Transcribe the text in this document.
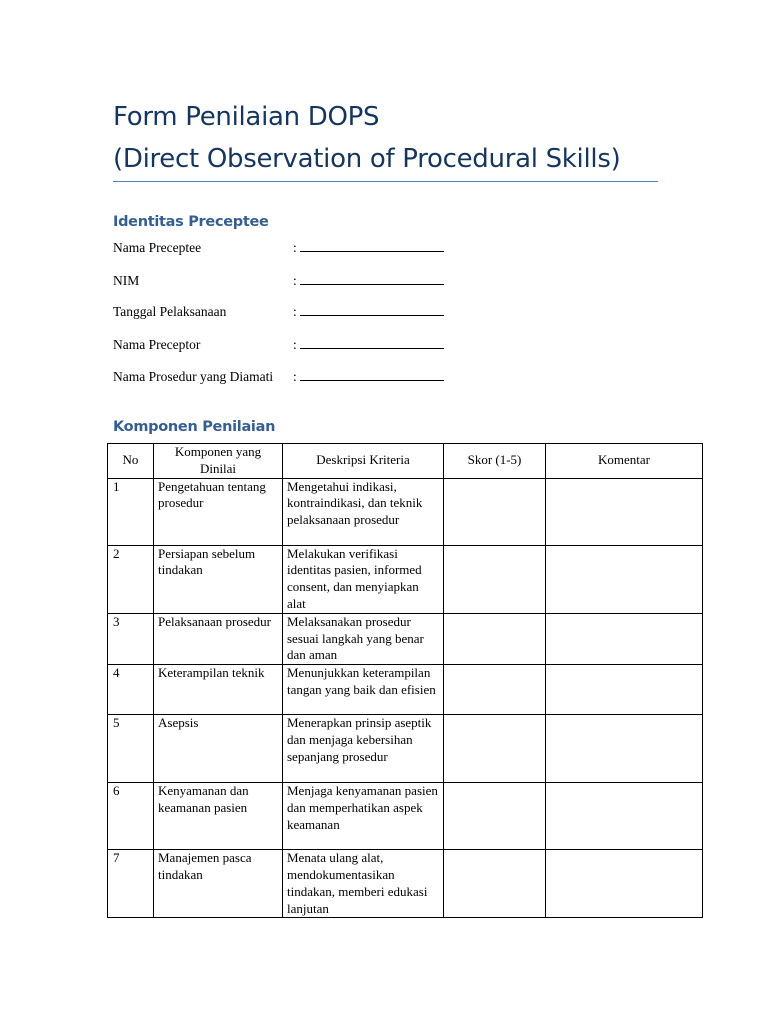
Form Penilaian DOPS
(Direct Observation of Procedural Skills)
Identitas Preceptee
Nama Preceptee	:
NIM	:
Tanggal Pelaksanaan	:
Nama Preceptor	:
Nama Prosedur yang Diamati	:
Komponen Penilaian
No	Komponen yang Dinilai	Deskripsi Kriteria	Skor (1-5)	Komentar
1	Pengetahuan tentang prosedur	Mengetahui indikasi, kontraindikasi, dan teknik pelaksanaan prosedur		
2	Persiapan sebelum tindakan	Melakukan verifikasi identitas pasien, informed consent, dan menyiapkan alat		
3	Pelaksanaan prosedur	Melaksanakan prosedur sesuai langkah yang benar dan aman		
4	Keterampilan teknik	Menunjukkan keterampilan tangan yang baik dan efisien		
5	Asepsis	Menerapkan prinsip aseptik dan menjaga kebersihan sepanjang prosedur		
6	Kenyamanan dan keamanan pasien	Menjaga kenyamanan pasien dan memperhatikan aspek keamanan		
7	Manajemen pasca tindakan	Menata ulang alat, mendokumentasikan tindakan, memberi edukasi lanjutan		
